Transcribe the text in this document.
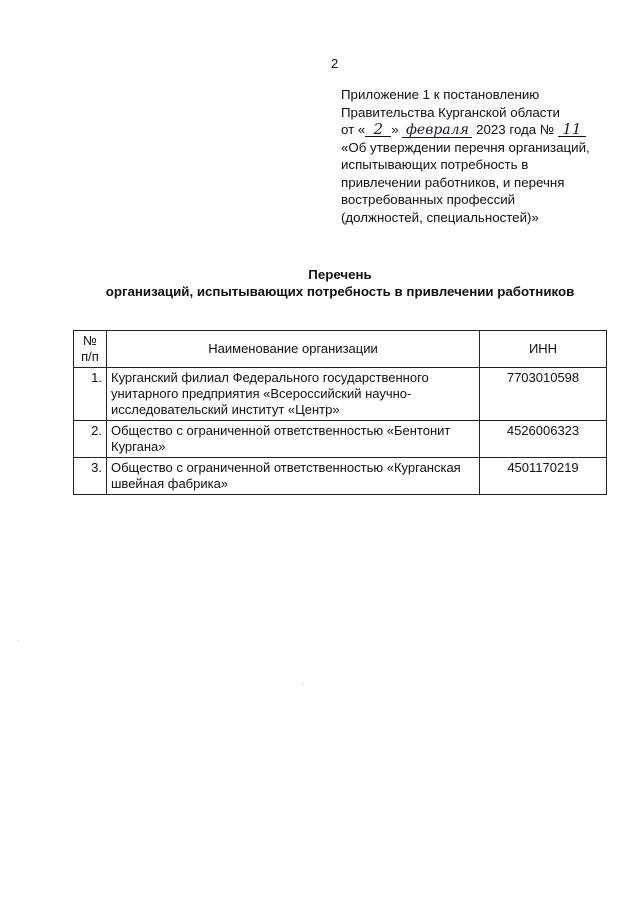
2
Приложение 1 к постановлению
Правительства Курганской области
от « 2 » февраля 2023 года № 11
«Об утверждении перечня организаций,
испытывающих потребность в
привлечении работников, и перечня
востребованных профессий
(должностей, специальностей)»
Перечень
организаций, испытывающих потребность в привлечении работников
№
п/п	Наименование организации	ИНН
1.	Курганский филиал Федерального государственного унитарного предприятия «Всероссийский научно-исследовательский институт «Центр»	7703010598
2.	Общество с ограниченной ответственностью «Бентонит Кургана»	4526006323
3.	Общество с ограниченной ответственностью «Курганская швейная фабрика»	4501170219
